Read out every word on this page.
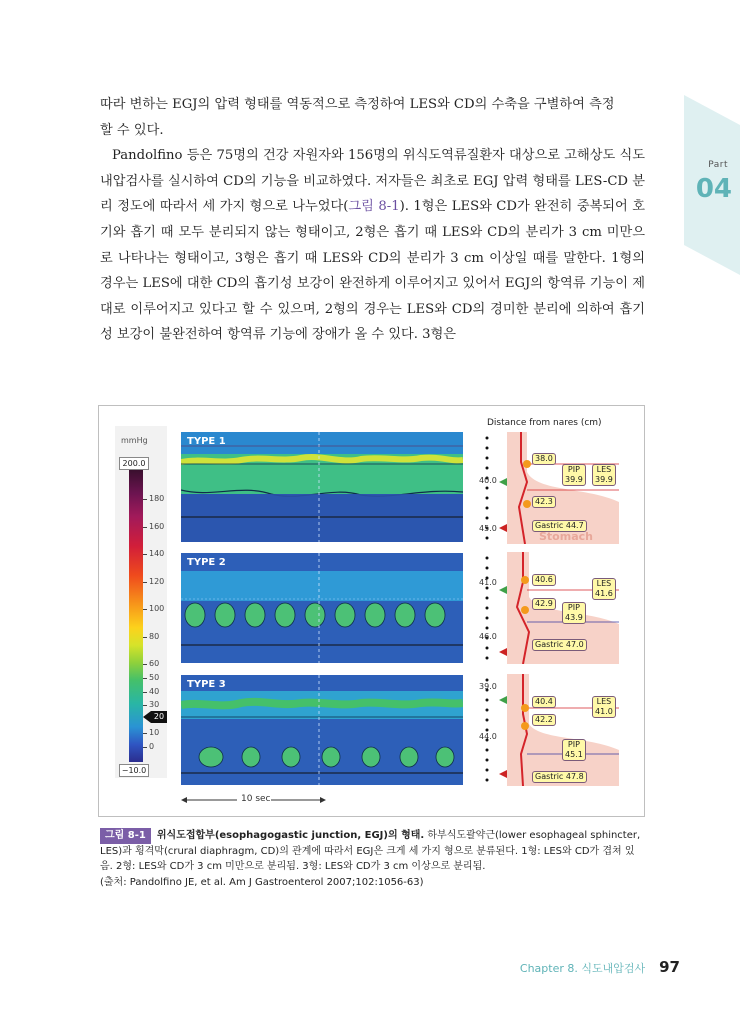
Part
04

따라 변하는 EGJ의 압력 형태를 역동적으로 측정하여 LES와 CD의 수축을 구별하여 측정

할 수 있다.

Pandolfino 등은 75명의 건강 자원자와 156명의 위식도역류질환자 대상으로 고해상도 식도내압검사를 실시하여 CD의 기능을 비교하였다. 저자들은 최초로 EGJ 압력 형태를 LES-CD 분리 정도에 따라서 세 가지 형으로 나누었다(그림 8-1). 1형은 LES와 CD가 완전히 중복되어 호기와 흡기 때 모두 분리되지 않는 형태이고, 2형은 흡기 때 LES와 CD의 분리가 3 cm 미만으로 나타나는 형태이고, 3형은 흡기 때 LES와 CD의 분리가 3 cm 이상일 때를 말한다. 1형의 경우는 LES에 대한 CD의 흡기성 보강이 완전하게 이루어지고 있어서 EGJ의 항역류 기능이 제대로 이루어지고 있다고 할 수 있으며, 2형의 경우는 LES와 CD의 경미한 분리에 의하여 흡기성 보강이 불완전하여 항역류 기능에 장애가 올 수 있다. 3형은

mmHg
200.0
180
160
140
120
100
80
60
50
40
30
10
0
20
−10.0
Distance from nares (cm)
TYPE 1
TYPE 2
TYPE 3
40.0
45.0
38.0
PIP
39.9
LES
39.9
42.3
Gastric 44.7
Stomach
41.0
46.0
40.6	LES
41.6
42.9	PIP
43.9
Gastric 47.0
39.0
44.0
40.4	LES
41.0
42.2
PIP
45.1
Gastric 47.8
10 sec
그림 8-1 위식도접합부(esophagogastic junction, EGJ)의 형태. 하부식도괄약근(lower esophageal sphincter, LES)과 횡격막(crural diaphragm, CD)의 관계에 따라서 EGJ은 크게 세 가지 형으로 분류된다. 1형: LES와 CD가 겹쳐 있음. 2형: LES와 CD가 3 cm 미만으로 분리됨. 3형: LES와 CD가 3 cm 이상으로 분리됨.
(출처: Pandolfino JE, et al. Am J Gastroenterol 2007;102:1056-63)
Chapter 8. 식도내압검사 97
